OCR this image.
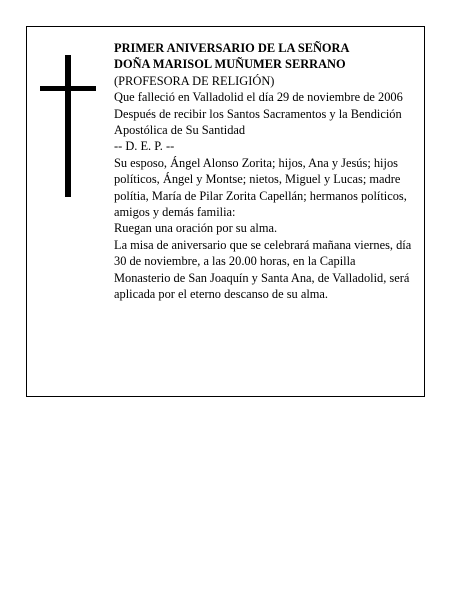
PRIMER ANIVERSARIO DE LA SEÑORA

DOÑA MARISOL MUÑUMER SERRANO

(PROFESORA DE RELIGIÓN)

Que falleció en Valladolid el día 29 de noviembre de 2006

Después de recibir los Santos Sacramentos y la Bendición Apostólica de Su Santidad

-- D. E. P. --

Su esposo, Ángel Alonso Zorita; hijos, Ana y Jesús; hijos políticos, Ángel y Montse; nietos, Miguel y Lucas; madre polítia, María de Pilar Zorita Capellán; hermanos políticos, amigos y demás familia:

Ruegan una oración por su alma.

La misa de aniversario que se celebrará mañana viernes, día 30 de noviembre, a las 20.00 horas, en la Capilla Monasterio de San Joaquín y Santa Ana, de Valladolid, será aplicada por el eterno descanso de su alma.
